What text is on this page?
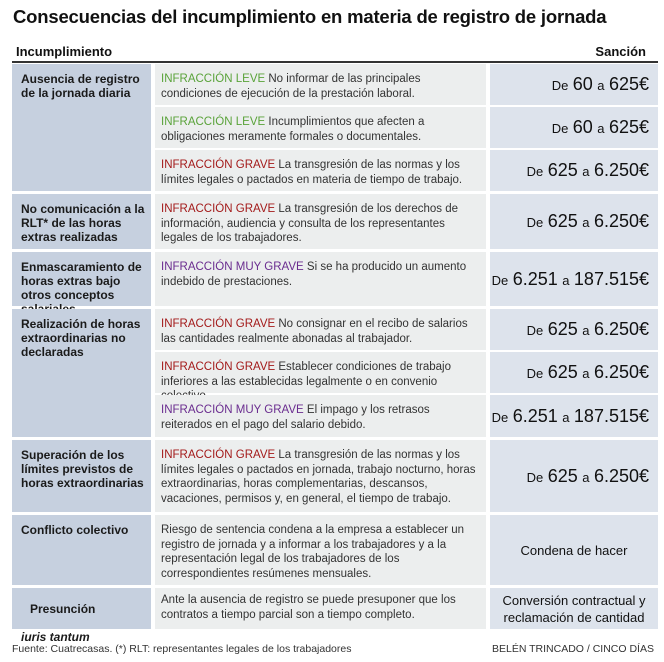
Consecuencias del incumplimiento en materia de registro de jornada
Incumplimiento	Sanción
Ausencia de registro de la jornada diaria
INFRACCIÓN LEVE No informar de las principales condiciones de ejecución de la prestación laboral.
De 60 a 625€
INFRACCIÓN LEVE Incumplimientos que afecten a obligaciones meramente formales o documentales.
De 60 a 625€
INFRACCIÓN GRAVE La transgresión de las normas y los límites legales o pactados en materia de tiempo de trabajo.
De 625 a 6.250€
No comunicación a la RLT* de las horas extras realizadas
INFRACCIÓN GRAVE La transgresión de los derechos de información, audiencia y consulta de los representantes legales de los trabajadores.
De 625 a 6.250€
Enmascaramiento de horas extras bajo otros conceptos
INFRACCIÓN MUY GRAVE Si se ha producido un aumento indebido de prestaciones.	De 6.251 a 187.515€
Realización de horas extraordinarias no declaradas
INFRACCIÓN GRAVE No consignar en el recibo de salarios las cantidades realmente abonadas al trabajador.
De 625 a 6.250€
INFRACCIÓN GRAVE Establecer condiciones de trabajo inferiores a las establecidas legalmente o en convenio
De 625 a 6.250€
INFRACCIÓN MUY GRAVE El impago y los retrasos reiterados en el pago del salario debido.	De 6.251 a 187.515€
Superación de los límites previstos de horas extraordinarias
INFRACCIÓN GRAVE La transgresión de las normas y los límites legales o pactados en jornada, trabajo nocturno, horas extraordinarias, horas complementarias, descansos, vacaciones, permisos y, en general, el tiempo de trabajo.
De 625 a 6.250€
Conflicto colectivo	Riesgo de sentencia condena a la empresa a establecer un registro de jornada y a informar a los trabajadores y a la representación legal de los trabajadores de los correspondientes resúmenes mensuales.
Condena de hacer
Presunción

iuris tantum
Ante la ausencia de registro se puede presuponer que los contratos a tiempo parcial son a tiempo completo.
Conversión contractual y reclamación de cantidad
Fuente: Cuatrecasas. (*) RLT: representantes legales de los trabajadores	BELÉN TRINCADO / CINCO DÍAS
